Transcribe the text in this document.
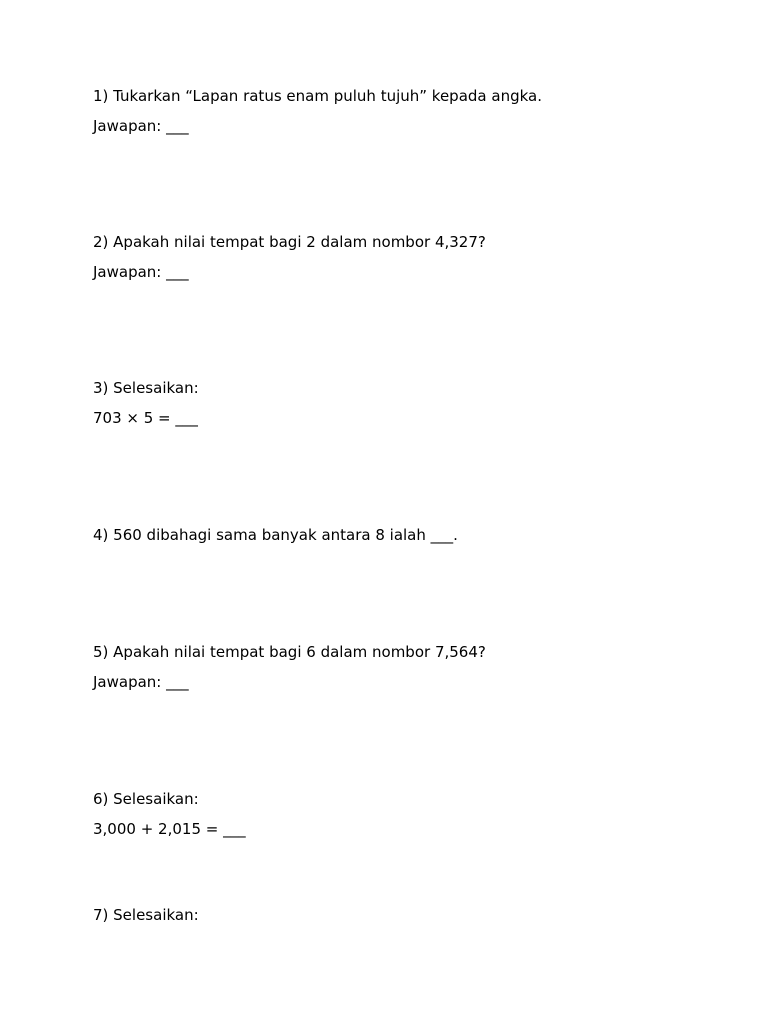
1) Tukarkan “Lapan ratus enam puluh tujuh” kepada angka.
Jawapan: ___
2) Apakah nilai tempat bagi 2 dalam nombor 4,327?
Jawapan: ___
3) Selesaikan:
703 × 5 = ___
4) 560 dibahagi sama banyak antara 8 ialah ___.
5) Apakah nilai tempat bagi 6 dalam nombor 7,564?
Jawapan: ___
6) Selesaikan:
3,000 + 2,015 = ___
7) Selesaikan:
